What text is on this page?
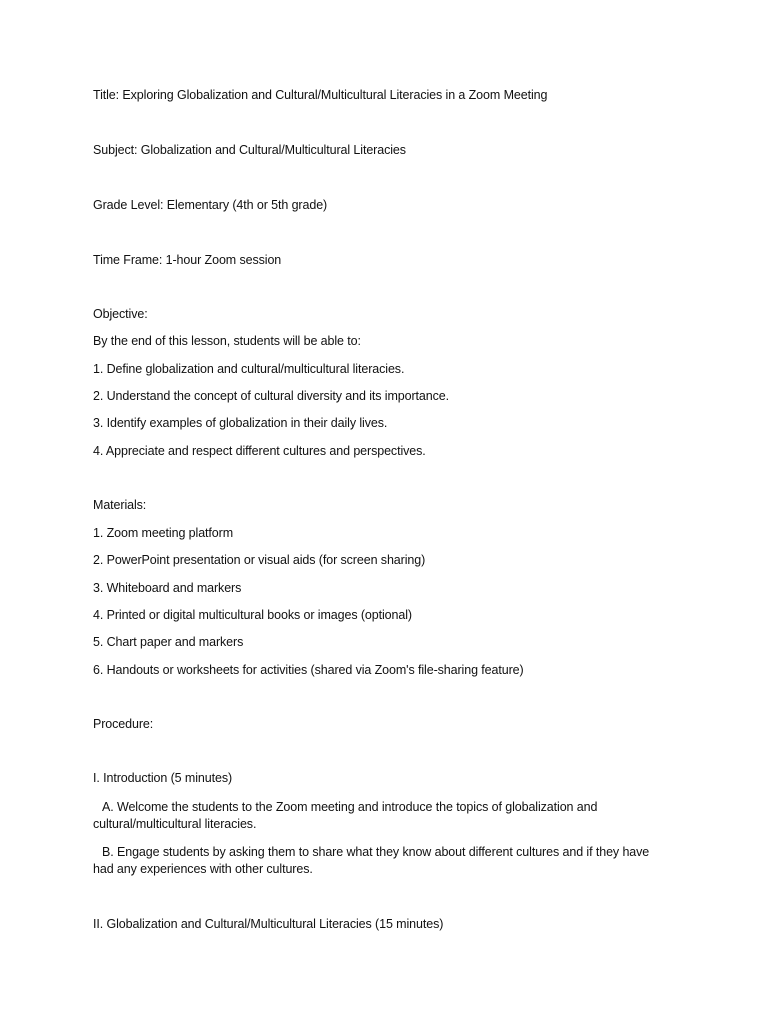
Title: Exploring Globalization and Cultural/Multicultural Literacies in a Zoom Meeting
Subject: Globalization and Cultural/Multicultural Literacies
Grade Level: Elementary (4th or 5th grade)
Time Frame: 1-hour Zoom session
Objective:
By the end of this lesson, students will be able to:
1. Define globalization and cultural/multicultural literacies.
2. Understand the concept of cultural diversity and its importance.
3. Identify examples of globalization in their daily lives.
4. Appreciate and respect different cultures and perspectives.
Materials:
1. Zoom meeting platform
2. PowerPoint presentation or visual aids (for screen sharing)
3. Whiteboard and markers
4. Printed or digital multicultural books or images (optional)
5. Chart paper and markers
6. Handouts or worksheets for activities (shared via Zoom's file-sharing feature)
Procedure:
I. Introduction (5 minutes)
A. Welcome the students to the Zoom meeting and introduce the topics of globalization and cultural/multicultural literacies.
B. Engage students by asking them to share what they know about different cultures and if they have had any experiences with other cultures.
II. Globalization and Cultural/Multicultural Literacies (15 minutes)
